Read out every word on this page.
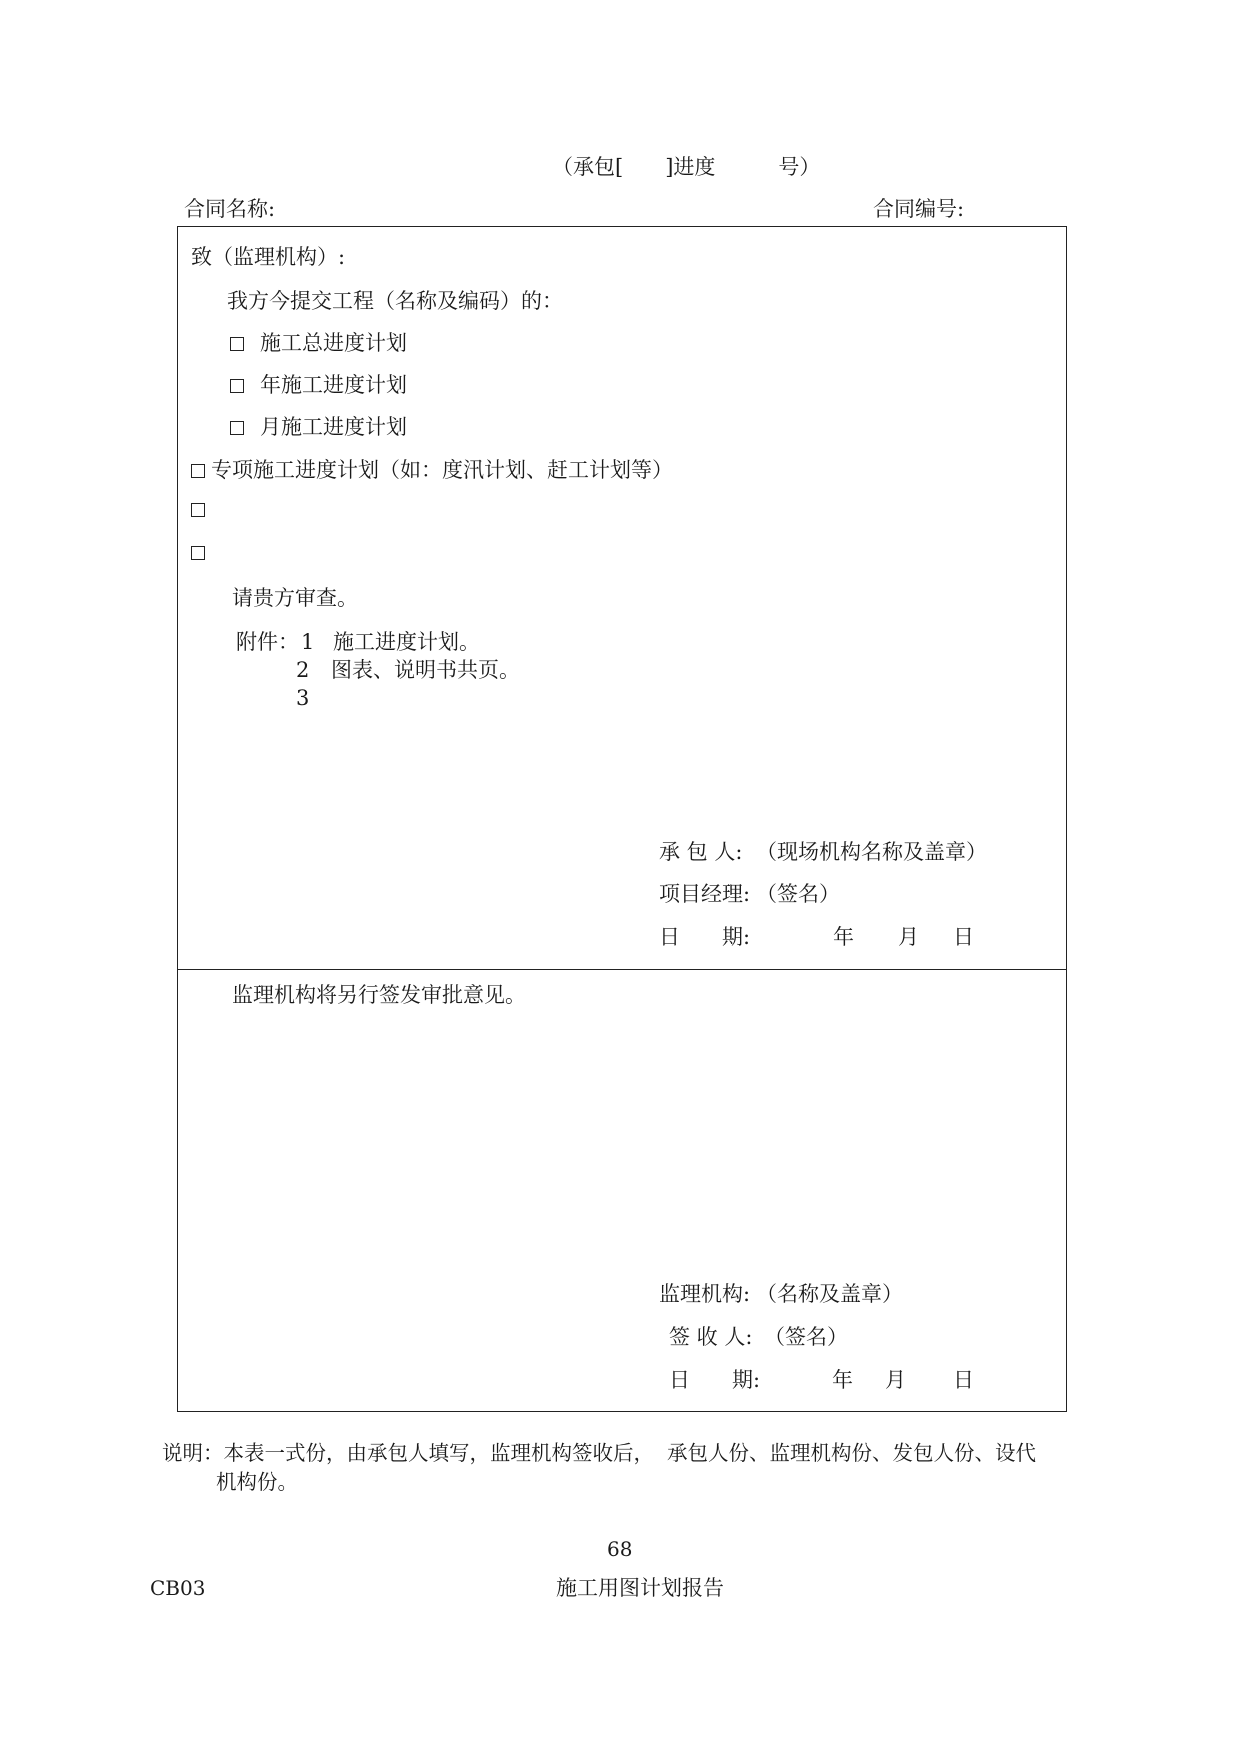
（承包[　　]进度　　　号）
合同名称:	合同编号:
致（监理机构）:
我方今提交工程（名称及编码）的：
施工总进度计划
年施工进度计划
月施工进度计划
专项施工进度计划（如：度汛计划、赶工计划等）
请贵方审查。
附件： 1 施工进度计划。
2 图表、说明书共页。
3
承 包 人: （现场机构名称及盖章）
项目经理: （签名）
日　　期:	年 月 日
监理机构将另行签发审批意见。
监理机构: （名称及盖章）
签 收 人: （签名）
日　　期:	年 月 日
说明：本表一式份，由承包人填写，监理机构签收后，  承包人份、监理机构份、发包人份、设代
机构份。
68
CB03	施工用图计划报告
